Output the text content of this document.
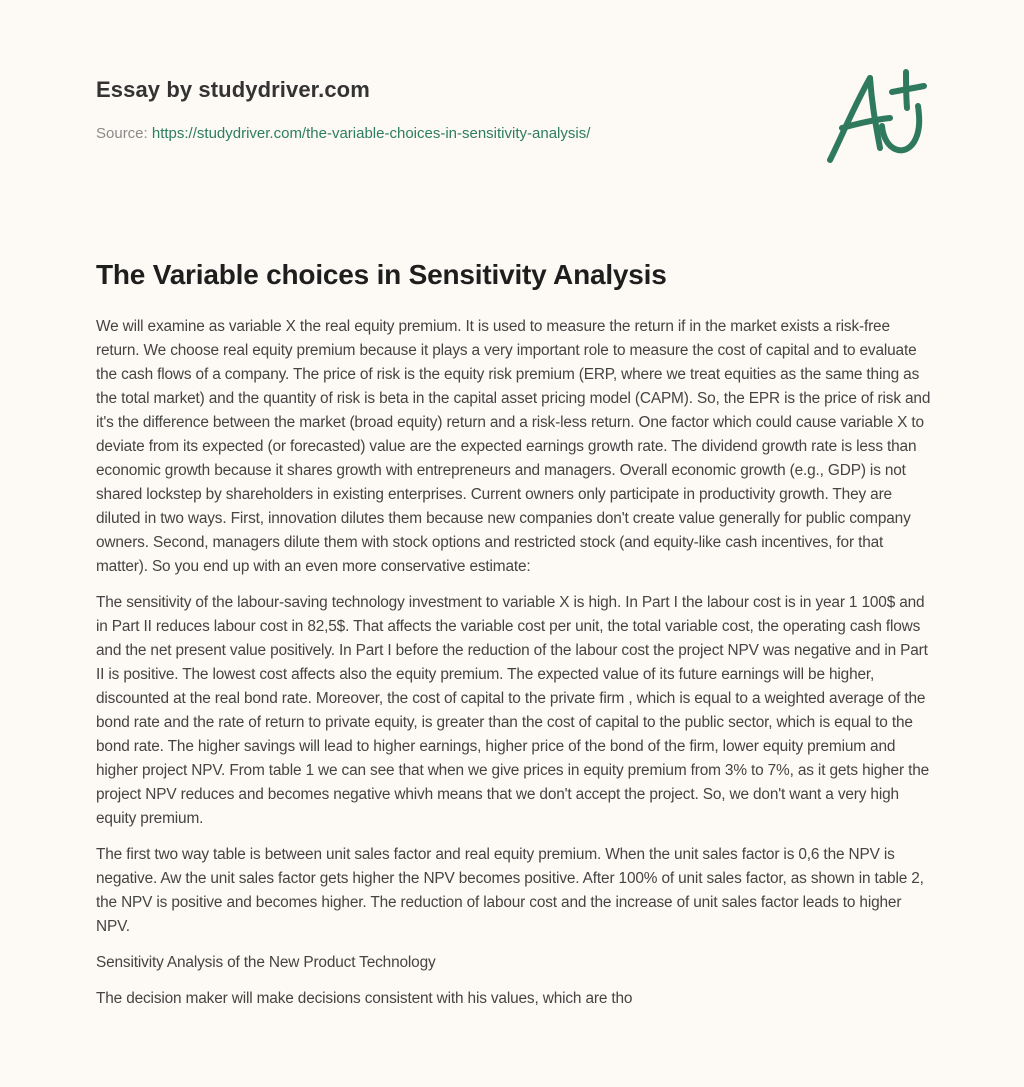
Essay by studydriver.com
Source: https://studydriver.com/the-variable-choices-in-sensitivity-analysis/
The Variable choices in Sensitivity Analysis

We will examine as variable X the real equity premium. It is used to measure the return if in the market exists a risk-free return. We choose real equity premium because it plays a very important role to measure the cost of capital and to evaluate the cash flows of a company. The price of risk is the equity risk premium (ERP, where we treat equities as the same thing as the total market) and the quantity of risk is beta in the capital asset pricing model (CAPM). So, the EPR is the price of risk and it's the difference between the market (broad equity) return and a risk-less return. One factor which could cause variable X to deviate from its expected (or forecasted) value are the expected earnings growth rate. The dividend growth rate is less than economic growth because it shares growth with entrepreneurs and managers. Overall economic growth (e.g., GDP) is not shared lockstep by shareholders in existing enterprises. Current owners only participate in productivity growth. They are diluted in two ways. First, innovation dilutes them because new companies don't create value generally for public company owners. Second, managers dilute them with stock options and restricted stock (and equity-like cash incentives, for that matter). So you end up with an even more conservative estimate:

The sensitivity of the labour-saving technology investment to variable X is high. In Part I the labour cost is in year 1 100$ and in Part II reduces labour cost in 82,5$. That affects the variable cost per unit, the total variable cost, the operating cash flows and the net present value positively. In Part I before the reduction of the labour cost the project NPV was negative and in Part II is positive. The lowest cost affects also the equity premium. The expected value of its future earnings will be higher, discounted at the real bond rate. Moreover, the cost of capital to the private firm , which is equal to a weighted average of the bond rate and the rate of return to private equity, is greater than the cost of capital to the public sector, which is equal to the bond rate. The higher savings will lead to higher earnings, higher price of the bond of the firm, lower equity premium and higher project NPV. From table 1 we can see that when we give prices in equity premium from 3% to 7%, as it gets higher the project NPV reduces and becomes negative whivh means that we don't accept the project. So, we don't want a very high equity premium.

The first two way table is between unit sales factor and real equity premium. When the unit sales factor is 0,6 the NPV is negative. Aw the unit sales factor gets higher the NPV becomes positive. After 100% of unit sales factor, as shown in table 2, the NPV is positive and becomes higher. The reduction of labour cost and the increase of unit sales factor leads to higher NPV.

Sensitivity Analysis of the New Product Technology

The decision maker will make decisions consistent with his values, which are tho
